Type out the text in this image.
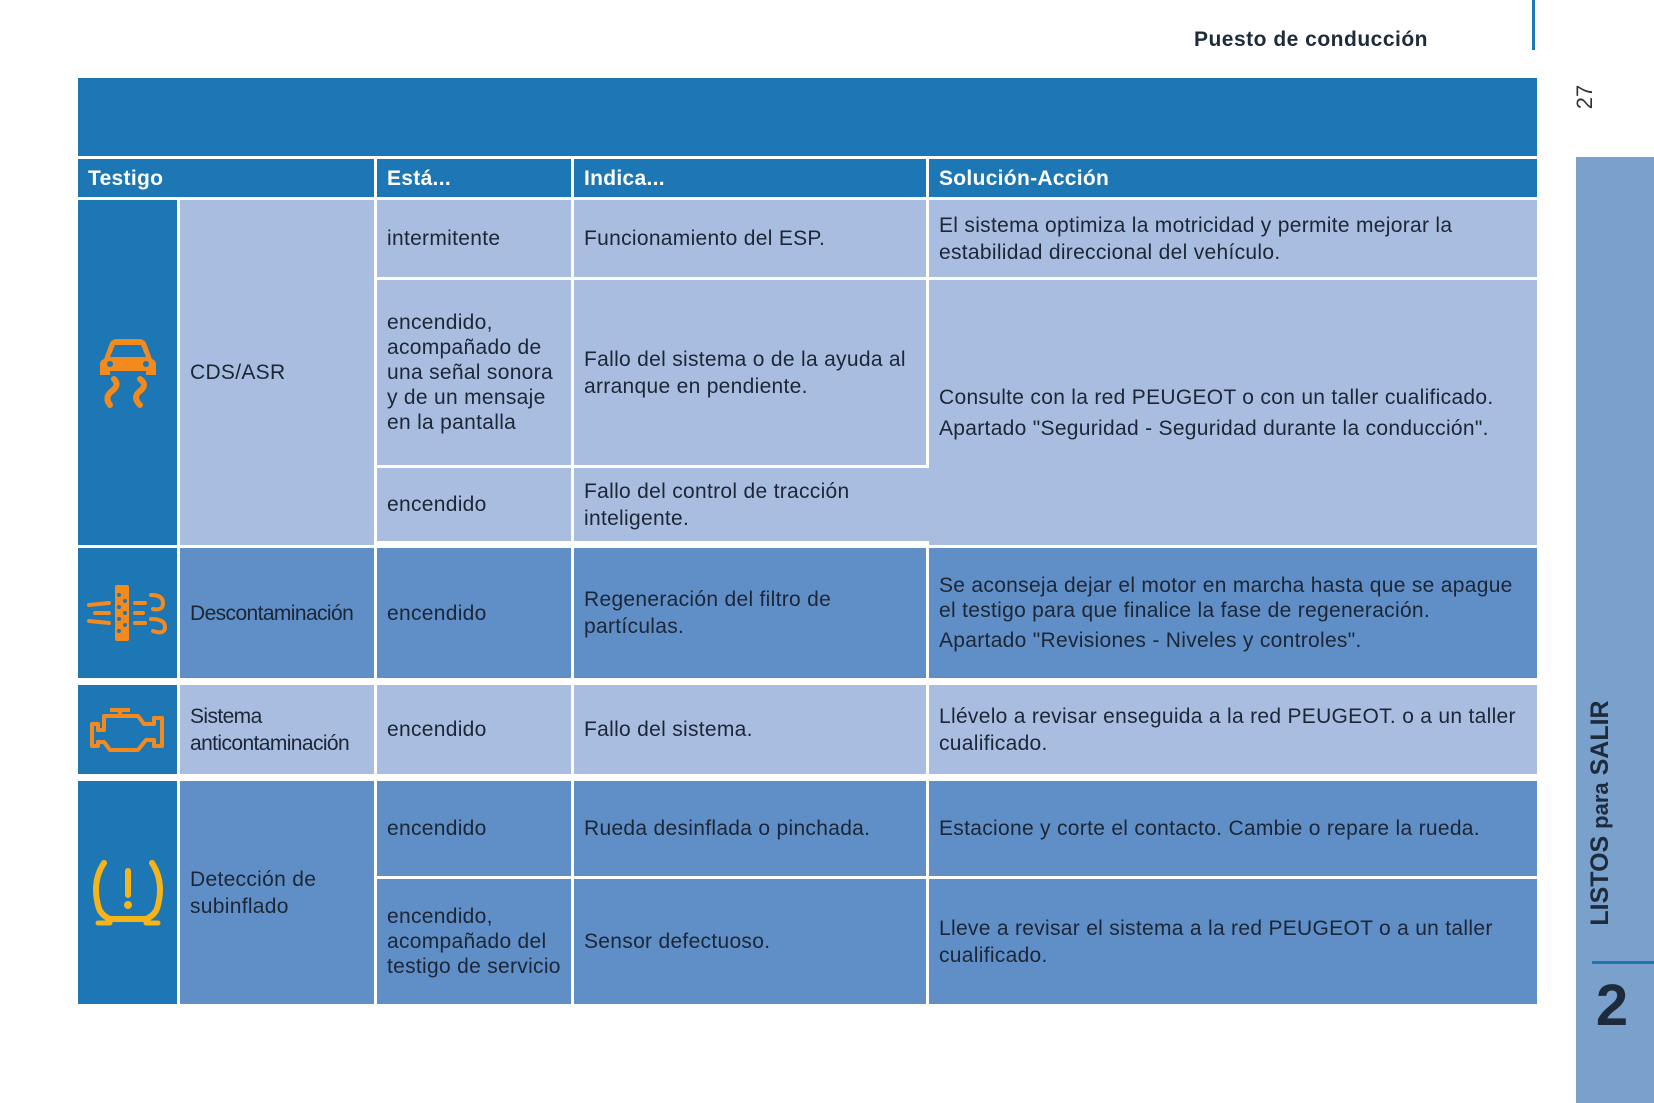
Puesto de conducción
27
LISTOS para SALIR
2
Testigo		Está...	Indica...	Solución-Acción

	CDS/ASR	intermitente	Funcionamiento del ESP.	El sistema optimiza la motricidad y permite mejorar la estabilidad direccional del vehículo.
		encendido, acompañado de una señal sonora y de un mensaje en la pantalla	Fallo del sistema o de la ayuda al arranque en pendiente.	Consulte con la red PEUGEOT o con un taller cualificado.

Apartado "Seguridad - Seguridad durante la conducción".

		encendido	Fallo del control de tracción inteligente.	

	Descontaminación	encendido	Regeneración del filtro de partículas.	Se aconseja dejar el motor en marcha hasta que se apague el testigo para que finalice la fase de regeneración.

Apartado "Revisiones - Niveles y controles".

	Sistema anticontaminación	encendido	Fallo del sistema.	Llévelo a revisar enseguida a la red PEUGEOT. o a un taller cualificado.

	Detección de subinflado	encendido	Rueda desinflada o pinchada.	Estacione y corte el contacto. Cambie o repare la rueda.
		encendido, acompañado del testigo de servicio	Sensor defectuoso.	Lleve a revisar el sistema a la red PEUGEOT o a un taller cualificado.
